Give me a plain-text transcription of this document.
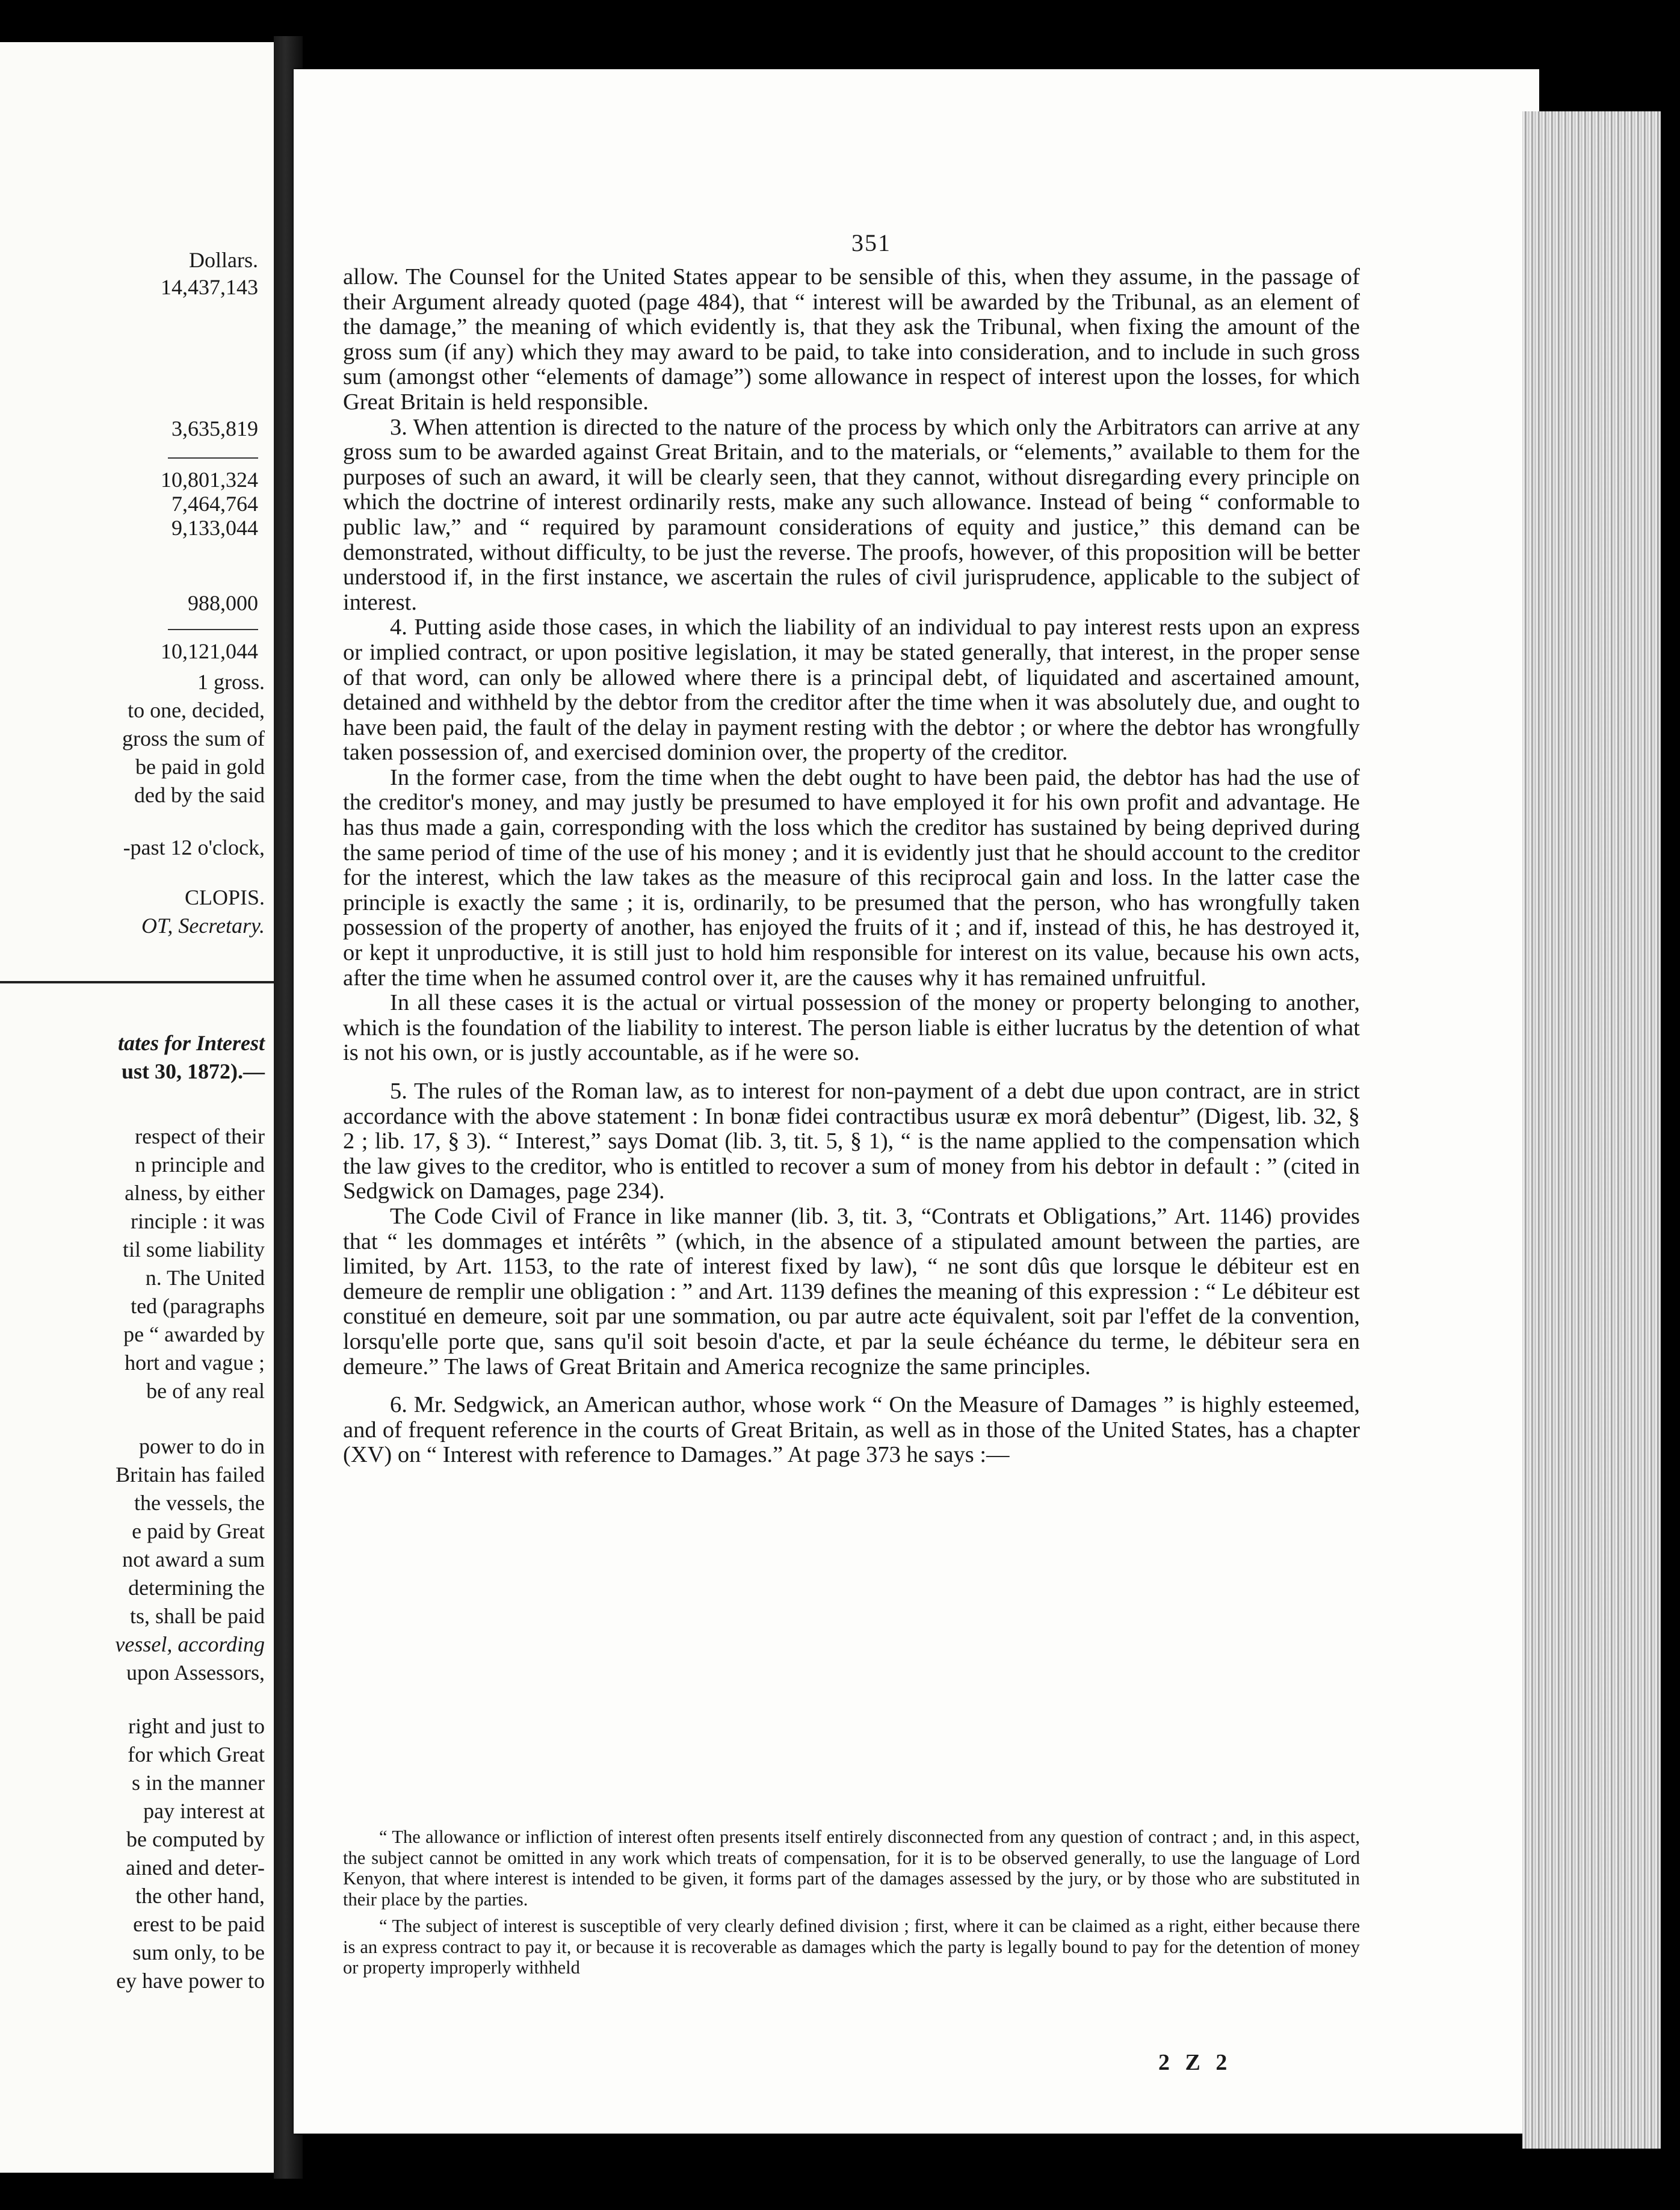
Dollars.
14,437,143
3,635,819
10,801,324
7,464,764
9,133,044
988,000
10,121,044
1 gross.
to one, decided,
gross the sum of
be paid in gold
ded by the said
-past 12 o'clock,
CLOPIS.
OT, Secretary.
tates for Interest
ust 30, 1872).—
respect of their
n principle and
alness, by either
rinciple : it was
til some liability
n. The United
ted (paragraphs
pe “ awarded by
hort and vague ;
be of any real
power to do in
Britain has failed
the vessels, the
e paid by Great
not award a sum
determining the
ts, shall be paid
vessel, according
upon Assessors,
right and just to
for which Great
s in the manner
pay interest at
be computed by
ained and deter-
the other hand,
erest to be paid
sum only, to be
ey have power to
351

allow. The Counsel for the United States appear to be sensible of this, when they assume, in the passage of their Argument already quoted (page 484), that “ interest will be awarded by the Tribunal, as an element of the damage,” the meaning of which evidently is, that they ask the Tribunal, when fixing the amount of the gross sum (if any) which they may award to be paid, to take into consideration, and to include in such gross sum (amongst other “elements of damage”) some allowance in respect of interest upon the losses, for which Great Britain is held responsible.

3. When attention is directed to the nature of the process by which only the Arbitrators can arrive at any gross sum to be awarded against Great Britain, and to the materials, or “elements,” available to them for the purposes of such an award, it will be clearly seen, that they cannot, without disregarding every principle on which the doctrine of interest ordinarily rests, make any such allowance. Instead of being “ conformable to public law,” and “ required by paramount considerations of equity and justice,” this demand can be demonstrated, without difficulty, to be just the reverse. The proofs, however, of this proposition will be better understood if, in the first instance, we ascertain the rules of civil jurisprudence, applicable to the subject of interest.

4. Putting aside those cases, in which the liability of an individual to pay interest rests upon an express or implied contract, or upon positive legislation, it may be stated generally, that interest, in the proper sense of that word, can only be allowed where there is a principal debt, of liquidated and ascertained amount, detained and withheld by the debtor from the creditor after the time when it was absolutely due, and ought to have been paid, the fault of the delay in payment resting with the debtor ; or where the debtor has wrongfully taken possession of, and exercised dominion over, the property of the creditor.

In the former case, from the time when the debt ought to have been paid, the debtor has had the use of the creditor's money, and may justly be presumed to have employed it for his own profit and advantage. He has thus made a gain, corresponding with the loss which the creditor has sustained by being deprived during the same period of time of the use of his money ; and it is evidently just that he should account to the creditor for the interest, which the law takes as the measure of this reciprocal gain and loss. In the latter case the principle is exactly the same ; it is, ordinarily, to be presumed that the person, who has wrongfully taken possession of the property of another, has enjoyed the fruits of it ; and if, instead of this, he has destroyed it, or kept it unproductive, it is still just to hold him responsible for interest on its value, because his own acts, after the time when he assumed control over it, are the causes why it has remained unfruitful.

In all these cases it is the actual or virtual possession of the money or property belonging to another, which is the foundation of the liability to interest. The person liable is either lucratus by the detention of what is not his own, or is justly accountable, as if he were so.

5. The rules of the Roman law, as to interest for non-payment of a debt due upon contract, are in strict accordance with the above statement : In bonæ fidei contractibus usuræ ex morâ debentur” (Digest, lib. 32, § 2 ; lib. 17, § 3). “ Interest,” says Domat (lib. 3, tit. 5, § 1), “ is the name applied to the compensation which the law gives to the creditor, who is entitled to recover a sum of money from his debtor in default : ” (cited in Sedgwick on Damages, page 234).

The Code Civil of France in like manner (lib. 3, tit. 3, “Contrats et Obligations,” Art. 1146) provides that “ les dommages et intérêts ” (which, in the absence of a stipulated amount between the parties, are limited, by Art. 1153, to the rate of interest fixed by law), “ ne sont dûs que lorsque le débiteur est en demeure de remplir une obligation : ” and Art. 1139 defines the meaning of this expression : “ Le débiteur est constitué en demeure, soit par une sommation, ou par autre acte équivalent, soit par l'effet de la convention, lorsqu'elle porte que, sans qu'il soit besoin d'acte, et par la seule échéance du terme, le débiteur sera en demeure.” The laws of Great Britain and America recognize the same principles.

6. Mr. Sedgwick, an American author, whose work “ On the Measure of Damages ” is highly esteemed, and of frequent reference in the courts of Great Britain, as well as in those of the United States, has a chapter (XV) on “ Interest with reference to Damages.” At page 373 he says :—

“ The allowance or infliction of interest often presents itself entirely disconnected from any question of contract ; and, in this aspect, the subject cannot be omitted in any work which treats of compensation, for it is to be observed generally, to use the language of Lord Kenyon, that where interest is intended to be given, it forms part of the damages assessed by the jury, or by those who are substituted in their place by the parties.

“ The subject of interest is susceptible of very clearly defined division ; first, where it can be claimed as a right, either because there is an express contract to pay it, or because it is recoverable as damages which the party is legally bound to pay for the detention of money or property improperly withheld

2 Z 2
